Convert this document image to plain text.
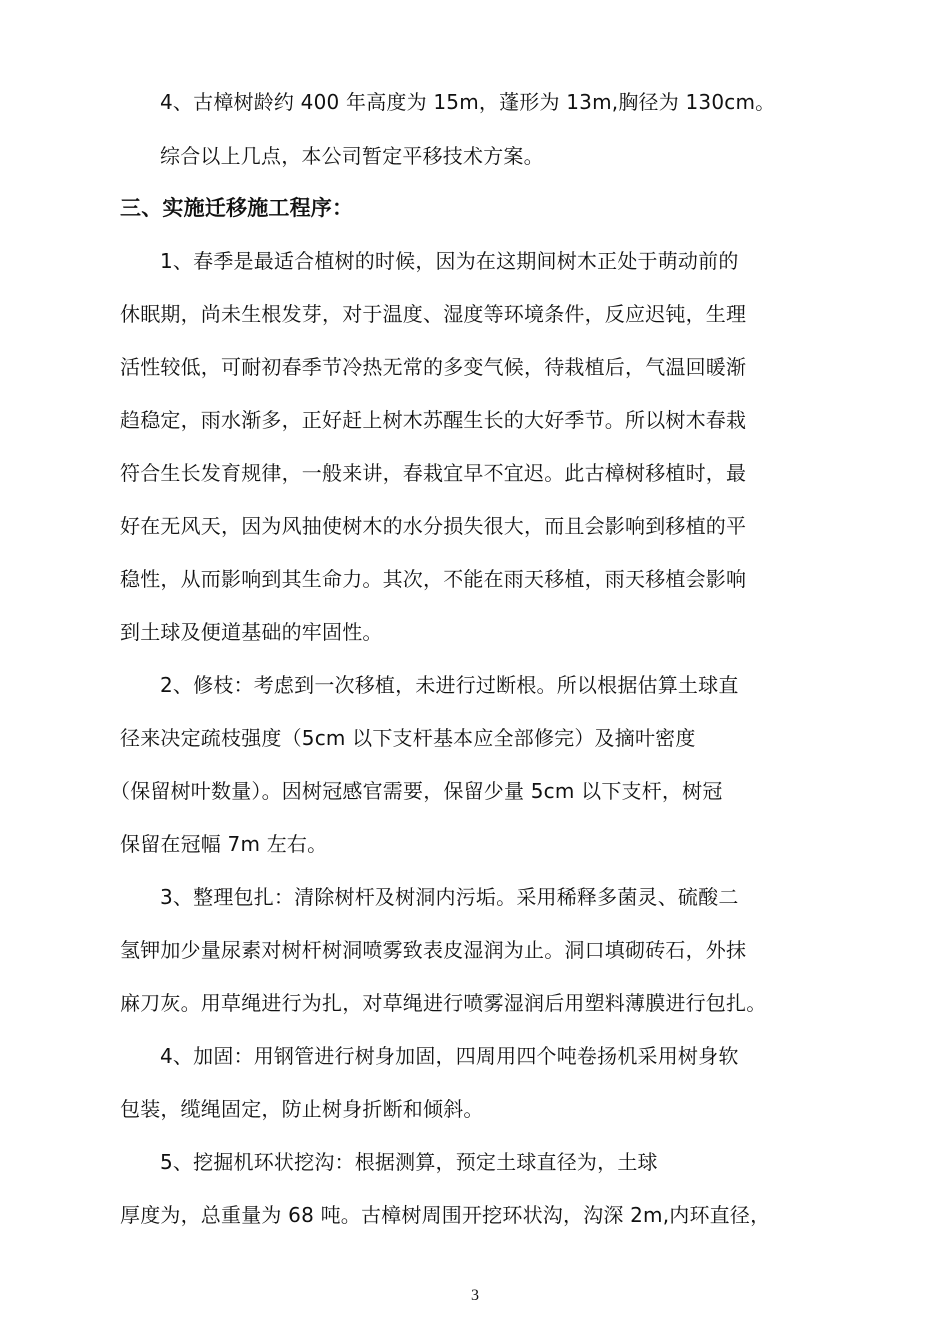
4、古樟树龄约 400 年高度为 15m，蓬形为 13m,胸径为 130cm。
综合以上几点，本公司暂定平移技术方案。
三、实施迁移施工程序：
1、春季是最适合植树的时候，因为在这期间树木正处于萌动前的
休眠期，尚未生根发芽，对于温度、湿度等环境条件，反应迟钝，生理
活性较低，可耐初春季节冷热无常的多变气候，待栽植后，气温回暖渐
趋稳定，雨水渐多，正好赶上树木苏醒生长的大好季节。所以树木春栽
符合生长发育规律，一般来讲，春栽宜早不宜迟。此古樟树移植时，最
好在无风天，因为风抽使树木的水分损失很大，而且会影响到移植的平
稳性，从而影响到其生命力。其次，不能在雨天移植，雨天移植会影响
到土球及便道基础的牢固性。
2、修枝：考虑到一次移植，未进行过断根。所以根据估算土球直
径来决定疏枝强度（5cm 以下支杆基本应全部修完）及摘叶密度
（保留树叶数量）。因树冠感官需要，保留少量 5cm 以下支杆，树冠
保留在冠幅 7m 左右。
3、整理包扎：清除树杆及树洞内污垢。采用稀释多菌灵、硫酸二
氢钾加少量尿素对树杆树洞喷雾致表皮湿润为止。洞口填砌砖石，外抹
麻刀灰。用草绳进行为扎，对草绳进行喷雾湿润后用塑料薄膜进行包扎。
4、加固：用钢管进行树身加固，四周用四个吨卷扬机采用树身软
包装，缆绳固定，防止树身折断和倾斜。
5、挖掘机环状挖沟：根据测算，预定土球直径为，土球
厚度为，总重量为 68 吨。古樟树周围开挖环状沟，沟深 2m,内环直径，
3
